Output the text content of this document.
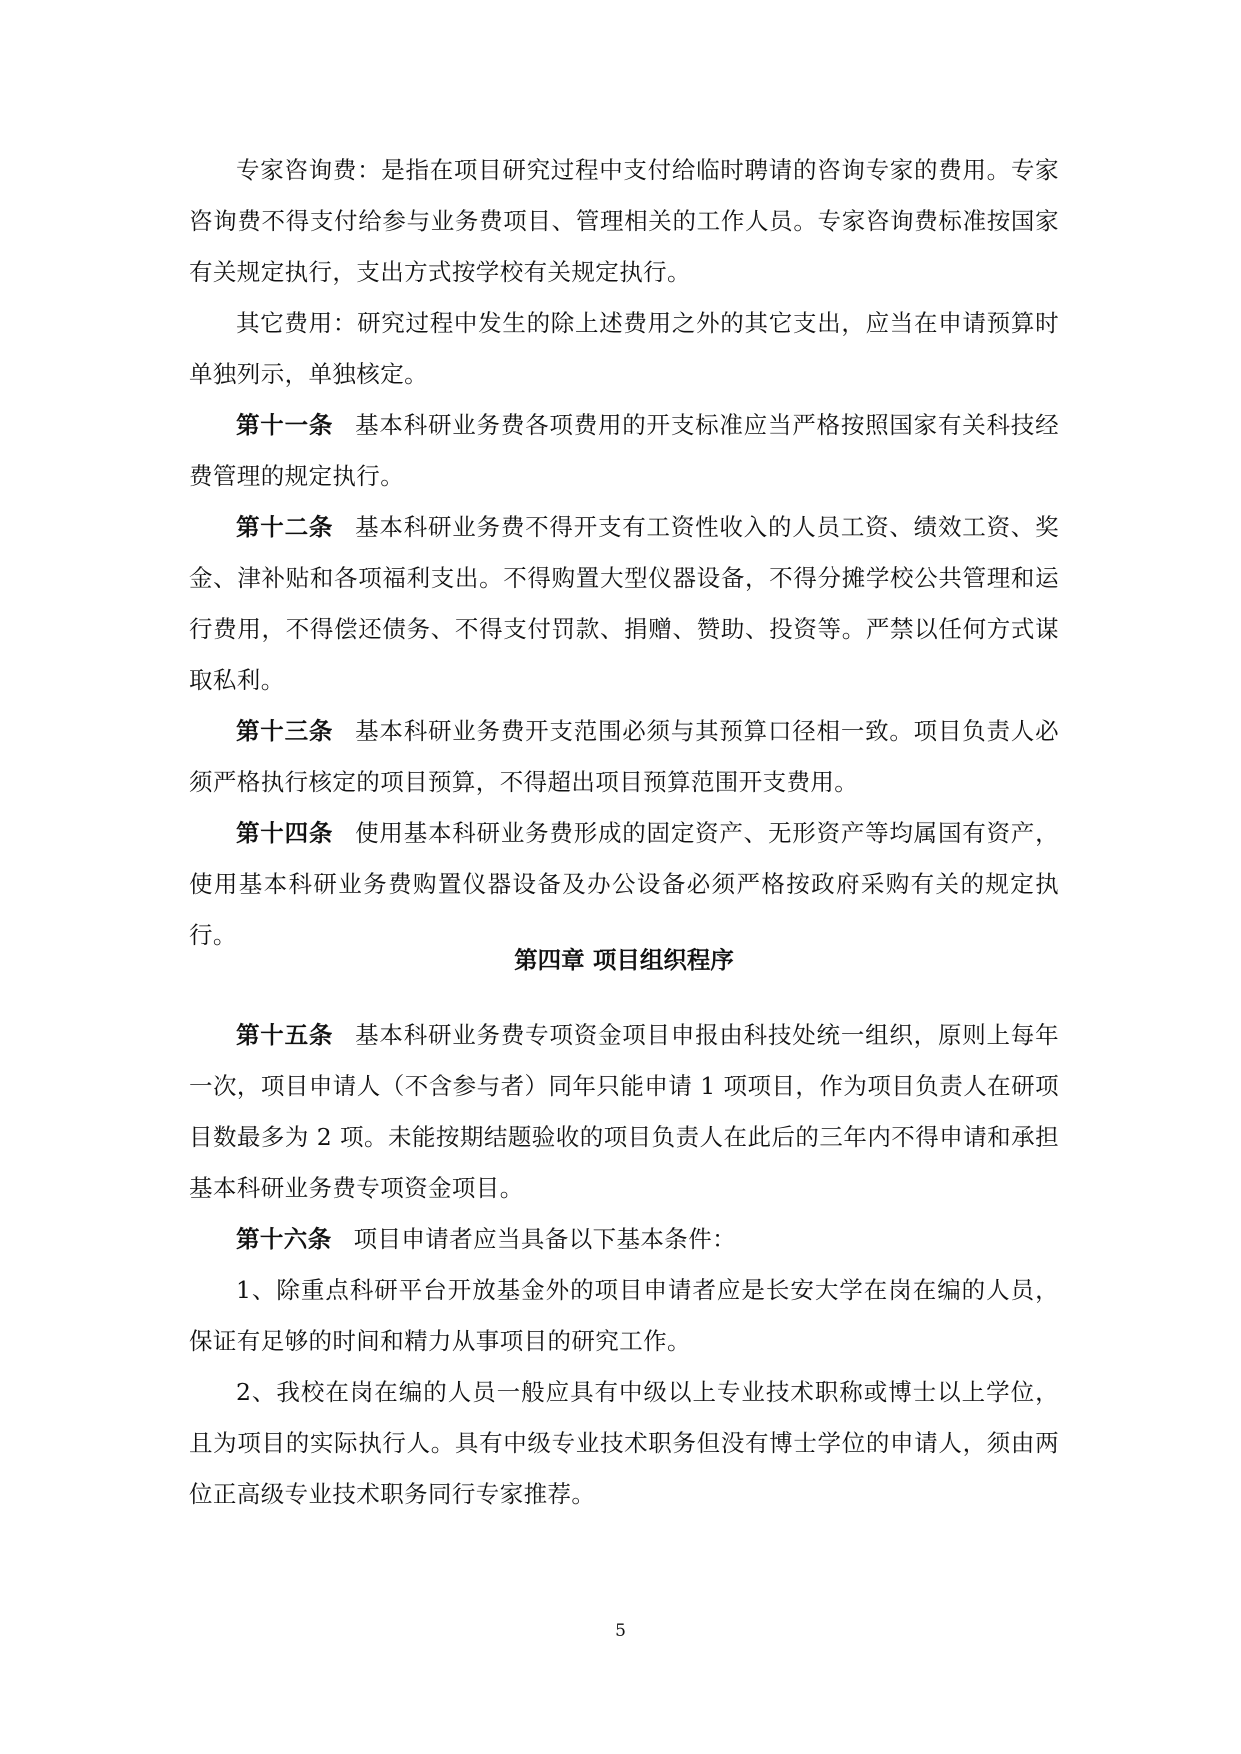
专家咨询费：是指在项目研究过程中支付给临时聘请的咨询专家的费用。专家咨询费不得支付给参与业务费项目、管理相关的工作人员。专家咨询费标准按国家有关规定执行，支出方式按学校有关规定执行。

其它费用：研究过程中发生的除上述费用之外的其它支出，应当在申请预算时单独列示，单独核定。

第十一条 基本科研业务费各项费用的开支标准应当严格按照国家有关科技经费管理的规定执行。

第十二条 基本科研业务费不得开支有工资性收入的人员工资、绩效工资、奖金、津补贴和各项福利支出。不得购置大型仪器设备，不得分摊学校公共管理和运行费用，不得偿还债务、不得支付罚款、捐赠、赞助、投资等。严禁以任何方式谋取私利。

第十三条 基本科研业务费开支范围必须与其预算口径相一致。项目负责人必须严格执行核定的项目预算，不得超出项目预算范围开支费用。

第十四条 使用基本科研业务费形成的固定资产、无形资产等均属国有资产，使用基本科研业务费购置仪器设备及办公设备必须严格按政府采购有关的规定执行。

第四章 项目组织程序

第十五条 基本科研业务费专项资金项目申报由科技处统一组织，原则上每年一次，项目申请人（不含参与者）同年只能申请 1 项项目，作为项目负责人在研项目数最多为 2 项。未能按期结题验收的项目负责人在此后的三年内不得申请和承担基本科研业务费专项资金项目。

第十六条 项目申请者应当具备以下基本条件：

1、除重点科研平台开放基金外的项目申请者应是长安大学在岗在编的人员，保证有足够的时间和精力从事项目的研究工作。

2、我校在岗在编的人员一般应具有中级以上专业技术职称或博士以上学位，且为项目的实际执行人。具有中级专业技术职务但没有博士学位的申请人，须由两位正高级专业技术职务同行专家推荐。

5
